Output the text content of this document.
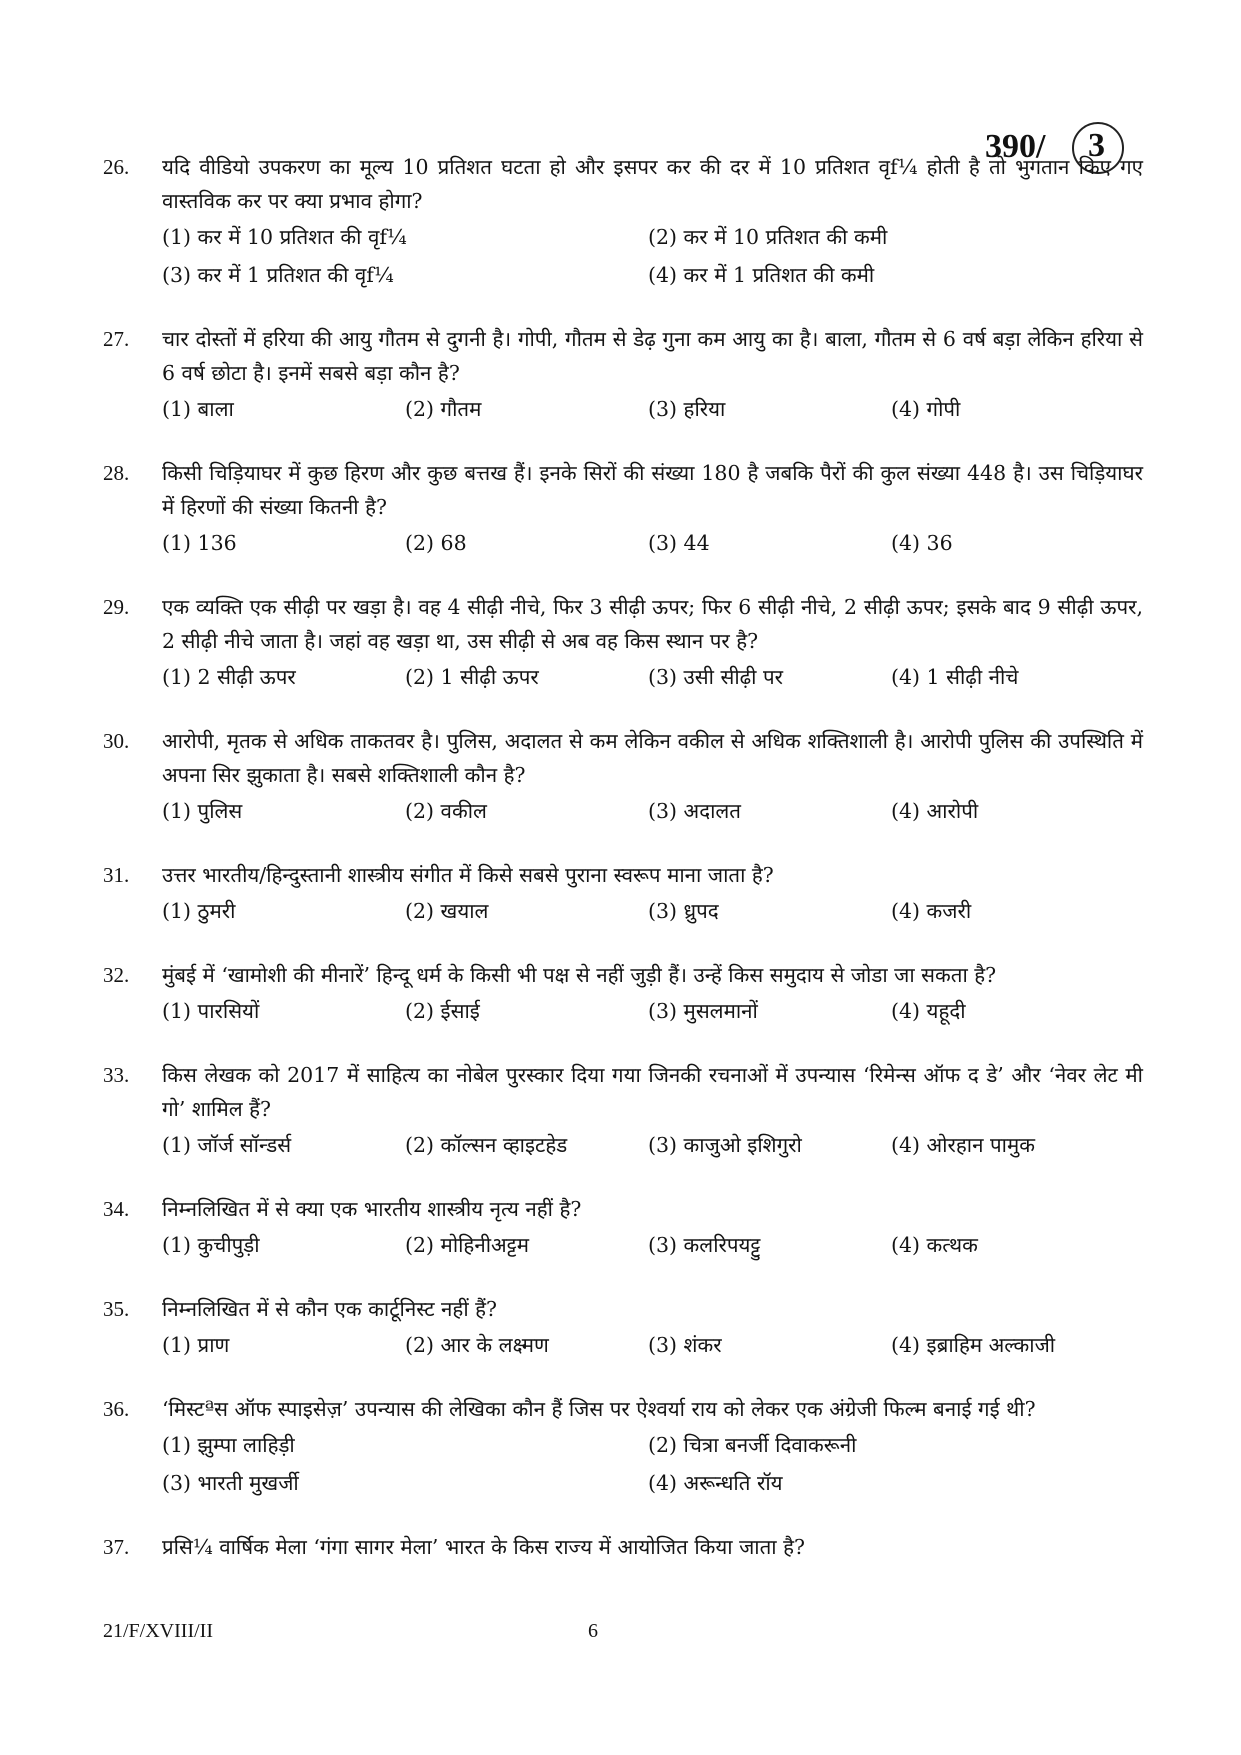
390/ 3
26.	यदि वीडियो उपकरण का मूल्य 10 प्रतिशत घटता हो और इसपर कर की दर में 10 प्रतिशत वृf¼ होती है तो भुगतान किए गए वास्तविक कर पर क्या प्रभाव होगा?
(1) कर में 10 प्रतिशत की वृf¼	(2) कर में 10 प्रतिशत की कमी
(3) कर में 1 प्रतिशत की वृf¼	(4) कर में 1 प्रतिशत की कमी
27.	चार दोस्तों में हरिया की आयु गौतम से दुगनी है। गोपी, गौतम से डेढ़ गुना कम आयु का है। बाला, गौतम से 6 वर्ष बड़ा लेकिन हरिया से 6 वर्ष छोटा है। इनमें सबसे बड़ा कौन है?
(1) बाला	(2) गौतम	(3) हरिया	(4) गोपी
28.	किसी चिड़ियाघर में कुछ हिरण और कुछ बत्तख हैं। इनके सिरों की संख्या 180 है जबकि पैरों की कुल संख्या 448 है। उस चिड़ियाघर में हिरणों की संख्या कितनी है?
(1) 136	(2) 68	(3) 44	(4) 36
29.	एक व्यक्ति एक सीढ़ी पर खड़ा है। वह 4 सीढ़ी नीचे, फिर 3 सीढ़ी ऊपर; फिर 6 सीढ़ी नीचे, 2 सीढ़ी ऊपर; इसके बाद 9 सीढ़ी ऊपर, 2 सीढ़ी नीचे जाता है। जहां वह खड़ा था, उस सीढ़ी से अब वह किस स्थान पर है?
(1) 2 सीढ़ी ऊपर	(2) 1 सीढ़ी ऊपर	(3) उसी सीढ़ी पर	(4) 1 सीढ़ी नीचे
30.	आरोपी, मृतक से अधिक ताकतवर है। पुलिस, अदालत से कम लेकिन वकील से अधिक शक्तिशाली है। आरोपी पुलिस की उपस्थिति में अपना सिर झुकाता है। सबसे शक्तिशाली कौन है?
(1) पुलिस	(2) वकील	(3) अदालत	(4) आरोपी
31.	उत्तर भारतीय/हिन्दुस्तानी शास्त्रीय संगीत में किसे सबसे पुराना स्वरूप माना जाता है?
(1) ठुमरी	(2) खयाल	(3) ध्रुपद	(4) कजरी
32.	मुंबई में ‘खामोशी की मीनारें’ हिन्दू धर्म के किसी भी पक्ष से नहीं जुड़ी हैं। उन्हें किस समुदाय से जोडा जा सकता है?
(1) पारसियों	(2) ईसाई	(3) मुसलमानों	(4) यहूदी
33.	किस लेखक को 2017 में साहित्य का नोबेल पुरस्कार दिया गया जिनकी रचनाओं में उपन्यास ‘रिमेन्स ऑफ द डे’ और ‘नेवर लेट मी गो’ शामिल हैं?
(1) जॉर्ज सॉन्डर्स	(2) कॉल्सन व्हाइटहेड	(3) काजुओ इशिगुरो	(4) ओरहान पामुक
34.	निम्नलिखित में से क्या एक भारतीय शास्त्रीय नृत्य नहीं है?
(1) कुचीपुड़ी	(2) मोहिनीअट्टम	(3) कलरिपयट्टु	(4) कत्थक
35.	निम्नलिखित में से कौन एक कार्टूनिस्ट नहीं हैं?
(1) प्राण	(2) आर के लक्ष्मण	(3) शंकर	(4) इब्राहिम अल्काजी
36.	‘मिस्टªस ऑफ स्पाइसेज़’ उपन्यास की लेखिका कौन हैं जिस पर ऐश्वर्या राय को लेकर एक अंग्रेजी फिल्म बनाई गई थी?
(1) झुम्पा लाहिड़ी	(2) चित्रा बनर्जी दिवाकरूनी
(3) भारती मुखर्जी	(4) अरून्धति रॉय
37.	प्रसि¼ वार्षिक मेला ‘गंगा सागर मेला’ भारत के किस राज्य में आयोजित किया जाता है?
21/F/XVIII/II	6
